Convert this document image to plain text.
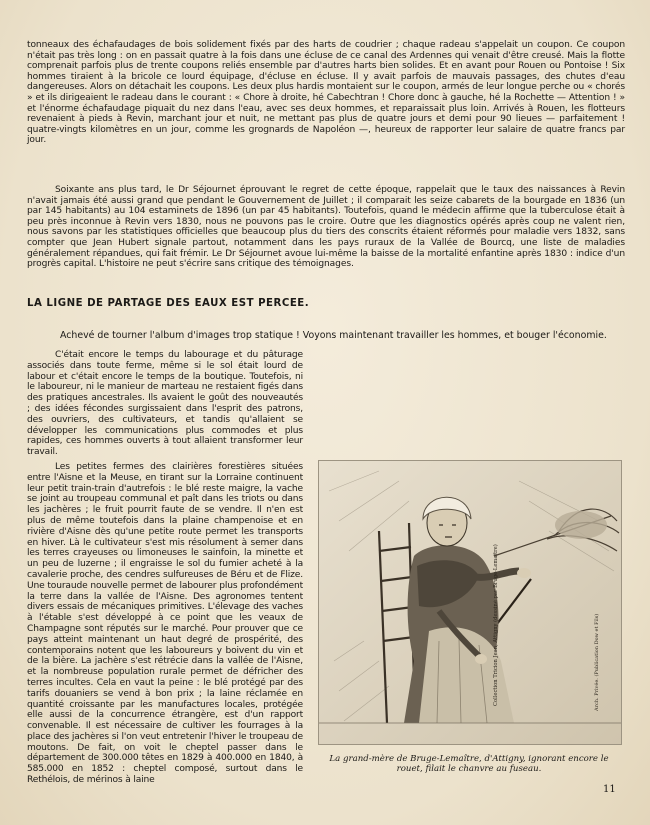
tonneaux des échafaudages de bois solidement fixés par des harts de coudrier ; chaque radeau s'appelait un coupon. Ce coupon n'était pas très long : on en passait quatre à la fois dans une écluse de ce canal des Ardennes qui venait d'être creusé. Mais la flotte comprenait parfois plus de trente coupons reliés ensemble par d'autres harts bien solides. Et en avant pour Rouen ou Pontoise ! Six hommes tiraient à la bricole ce lourd équipage, d'écluse en écluse. Il y avait parfois de mauvais passages, des chutes d'eau dangereuses. Alors on détachait les coupons. Les deux plus hardis montaient sur le coupon, armés de leur longue perche ou « chorés » et ils dirigeaient le radeau dans le courant : « Chore à droite, hé Cabechtran ! Chore donc à gauche, hé la Rochette — Attention ! » et l'énorme échafaudage piquait du nez dans l'eau, avec ses deux hommes, et reparaissait plus loin. Arrivés à Rouen, les flotteurs revenaient à pieds à Revin, marchant jour et nuit, ne mettant pas plus de quatre jours et demi pour 90 lieues — parfaitement ! quatre-vingts kilomètres en un jour, comme les grognards de Napoléon —, heureux de rapporter leur salaire de quatre francs par jour.
Soixante ans plus tard, le Dr Séjournet éprouvant le regret de cette époque, rappelait que le taux des naissances à Revin n'avait jamais été aussi grand que pendant le Gouvernement de Juillet ; il comparait les seize cabarets de la bourgade en 1836 (un par 145 habitants) au 104 estaminets de 1896 (un par 45 habitants). Toutefois, quand le médecin affirme que la tuberculose était à peu près inconnue à Revin vers 1830, nous ne pouvons pas le croire. Outre que les diagnostics opérés après coup ne valent rien, nous savons par les statistiques officielles que beaucoup plus du tiers des conscrits étaient réformés pour maladie vers 1832, sans compter que Jean Hubert signale partout, notamment dans les pays ruraux de la Vallée de Bourcq, une liste de maladies généralement répandues, qui fait frémir. Le Dr Séjournet avoue lui-même la baisse de la mortalité enfantine après 1830 : indice d'un progrès capital. L'histoire ne peut s'écrire sans critique des témoignages.
LA LIGNE DE PARTAGE DES EAUX EST PERCEE.
Achevé de tourner l'album d'images trop statique ! Voyons maintenant travailler les hommes, et bouger l'économie.

C'était encore le temps du labourage et du pâturage associés dans toute ferme, même si le sol était lourd de labour et c'était encore le temps de la boutique. Toutefois, ni le laboureur, ni le manieur de marteau ne restaient figés dans des pratiques ancestrales. Ils avaient le goût des nouveautés ; des idées fécondes surgissaient dans l'esprit des patrons, des ouvriers, des cultivateurs, et tandis qu'allaient se développer les communications plus commodes et plus rapides, ces hommes ouverts à tout allaient transformer leur travail.

Les petites fermes des clairières forestières situées entre l'Aisne et la Meuse, en tirant sur la Lorraine continuent leur petit train-train d'autrefois : le blé reste maigre, la vache se joint au troupeau communal et paît dans les triots ou dans les jachères ; le fruit pourrit faute de se vendre. Il n'en est plus de même toutefois dans la plaine champenoise et en rivière d'Aisne dès qu'une petite route permet les transports en hiver. Là le cultivateur s'est mis résolument à semer dans les terres crayeuses ou limoneuses le sainfoin, la minette et un peu de luzerne ; il engraisse le sol du fumier acheté à la cavalerie proche, des cendres sulfureuses de Béru et de Flize. Une touraude nouvelle permet de labourer plus profondément la terre dans la vallée de l'Aisne. Des agronomes tentent divers essais de mécaniques primitives. L'élevage des vaches à l'étable s'est développé à ce point que les veaux de Champagne sont réputés sur le marché. Pour prouver que ce pays atteint maintenant un haut degré de prospérité, des contemporains notent que les laboureurs y boivent du vin et de la bière. La jachère s'est rétrécie dans la vallée de l'Aisne, et la nombreuse population rurale permet de défricher des terres incultes. Cela en vaut la peine : le blé protégé par des tarifs douaniers se vend à bon prix ; la laine réclamée en quantité croissante par les manufactures locales, protégée elle aussi de la concurrence étrangère, est d'un rapport convenable. Il est nécessaire de cultiver les fourrages à la place des jachères si l'on veut entretenir l'hiver le troupeau de moutons. De fait, on voit le cheptel passer dans le département de 300.000 têtes en 1829 à 400.000 en 1840, à 585.000 en 1852 : cheptel composé, surtout dans le Rethélois, de mérinos à laine

Collection Tricion Jean, Attigny (dessiné par Bruge-Lemaître)	Arch. Privée. (Publication Dow et Fils)
La grand-mère de Bruge-Lemaître, d'Attigny, ignorant encore le rouet, filait le chanvre au fuseau.
11
